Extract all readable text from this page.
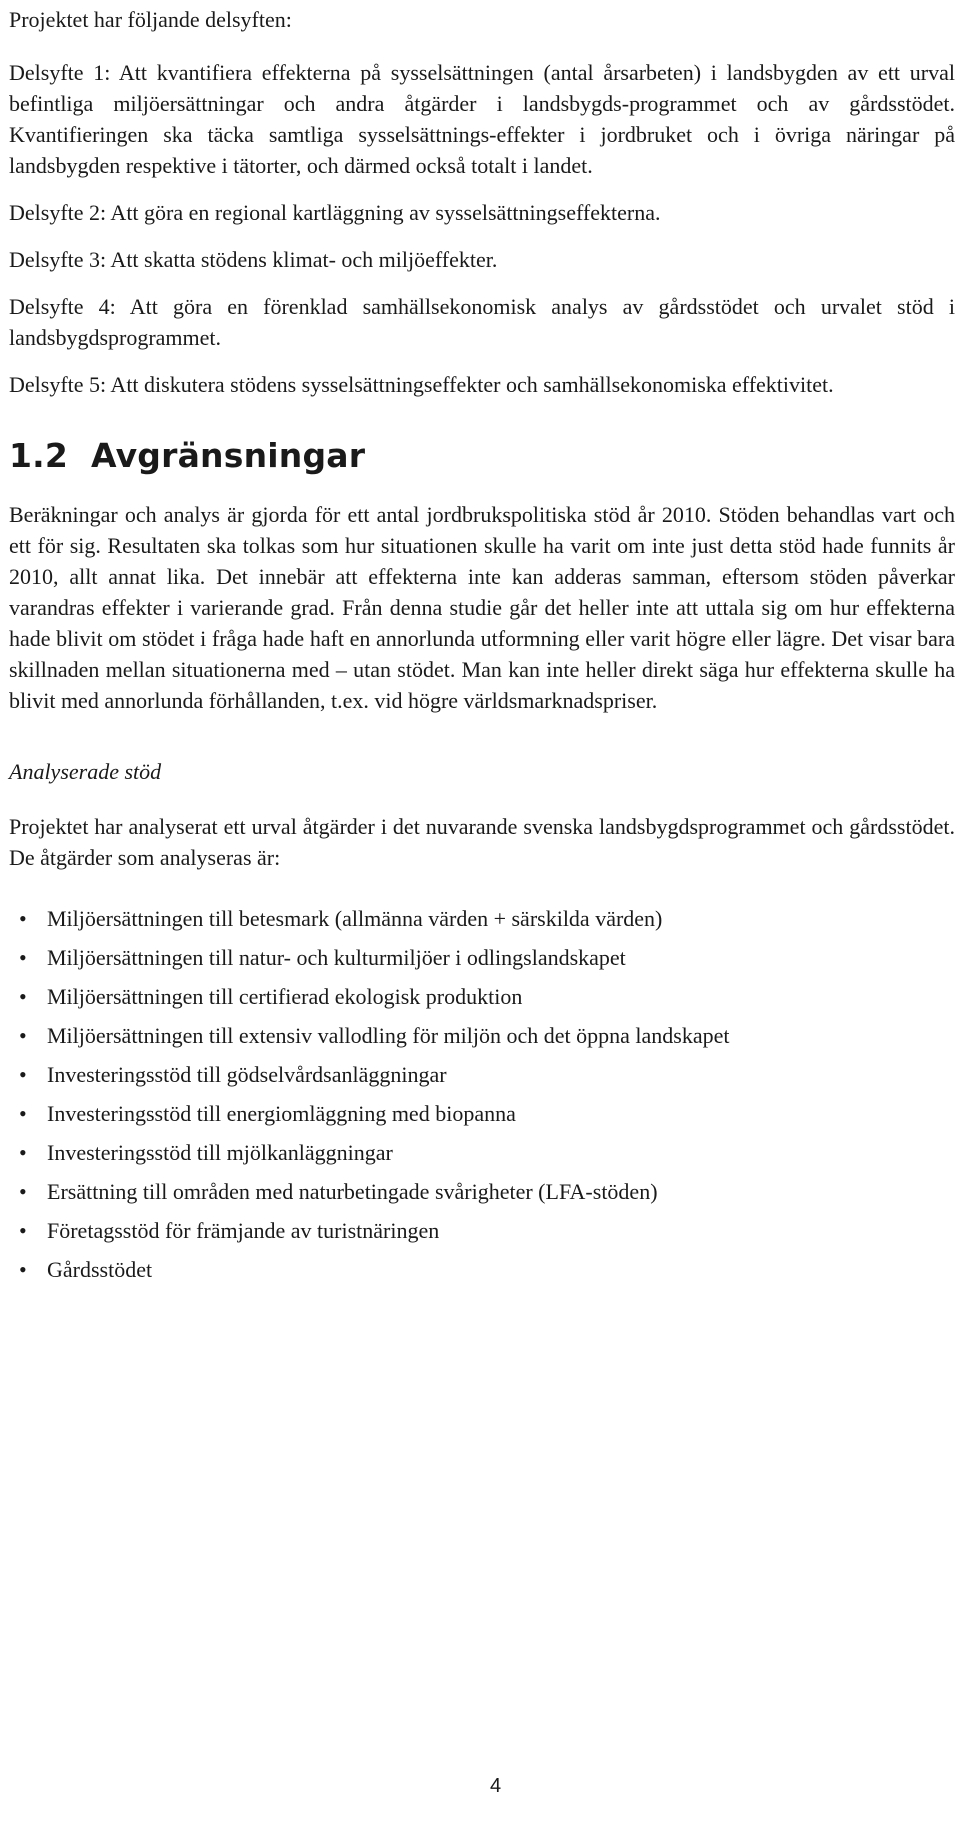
Projektet har följande delsyften:

Delsyfte 1: Att kvantifiera effekterna på sysselsättningen (antal årsarbeten) i landsbygden av ett urval befintliga miljöersättningar och andra åtgärder i landsbygds-programmet och av gårdsstödet. Kvantifieringen ska täcka samtliga sysselsättnings-effekter i jordbruket och i övriga näringar på landsbygden respektive i tätorter, och därmed också totalt i landet.

Delsyfte 2: Att göra en regional kartläggning av sysselsättningseffekterna.

Delsyfte 3: Att skatta stödens klimat- och miljöeffekter.

Delsyfte 4: Att göra en förenklad samhällsekonomisk analys av gårdsstödet och urvalet stöd i landsbygdsprogrammet.

Delsyfte 5: Att diskutera stödens sysselsättningseffekter och samhällsekonomiska effektivitet.

1.2 Avgränsningar

Beräkningar och analys är gjorda för ett antal jordbrukspolitiska stöd år 2010. Stöden behandlas vart och ett för sig. Resultaten ska tolkas som hur situationen skulle ha varit om inte just detta stöd hade funnits år 2010, allt annat lika. Det innebär att effekterna inte kan adderas samman, eftersom stöden påverkar varandras effekter i varierande grad. Från denna studie går det heller inte att uttala sig om hur effekterna hade blivit om stödet i fråga hade haft en annorlunda utformning eller varit högre eller lägre. Det visar bara skillnaden mellan situationerna med – utan stödet. Man kan inte heller direkt säga hur effekterna skulle ha blivit med annorlunda förhållanden, t.ex. vid högre världsmarknadspriser.

Analyserade stöd

Projektet har analyserat ett urval åtgärder i det nuvarande svenska landsbygdsprogrammet och gårdsstödet. De åtgärder som analyseras är:

• Miljöersättningen till betesmark (allmänna värden + särskilda värden)
• Miljöersättningen till natur- och kulturmiljöer i odlingslandskapet
• Miljöersättningen till certifierad ekologisk produktion
• Miljöersättningen till extensiv vallodling för miljön och det öppna landskapet
• Investeringsstöd till gödselvårdsanläggningar
• Investeringsstöd till energiomläggning med biopanna
• Investeringsstöd till mjölkanläggningar
• Ersättning till områden med naturbetingade svårigheter (LFA-stöden)
• Företagsstöd för främjande av turistnäringen
• Gårdsstödet
4
